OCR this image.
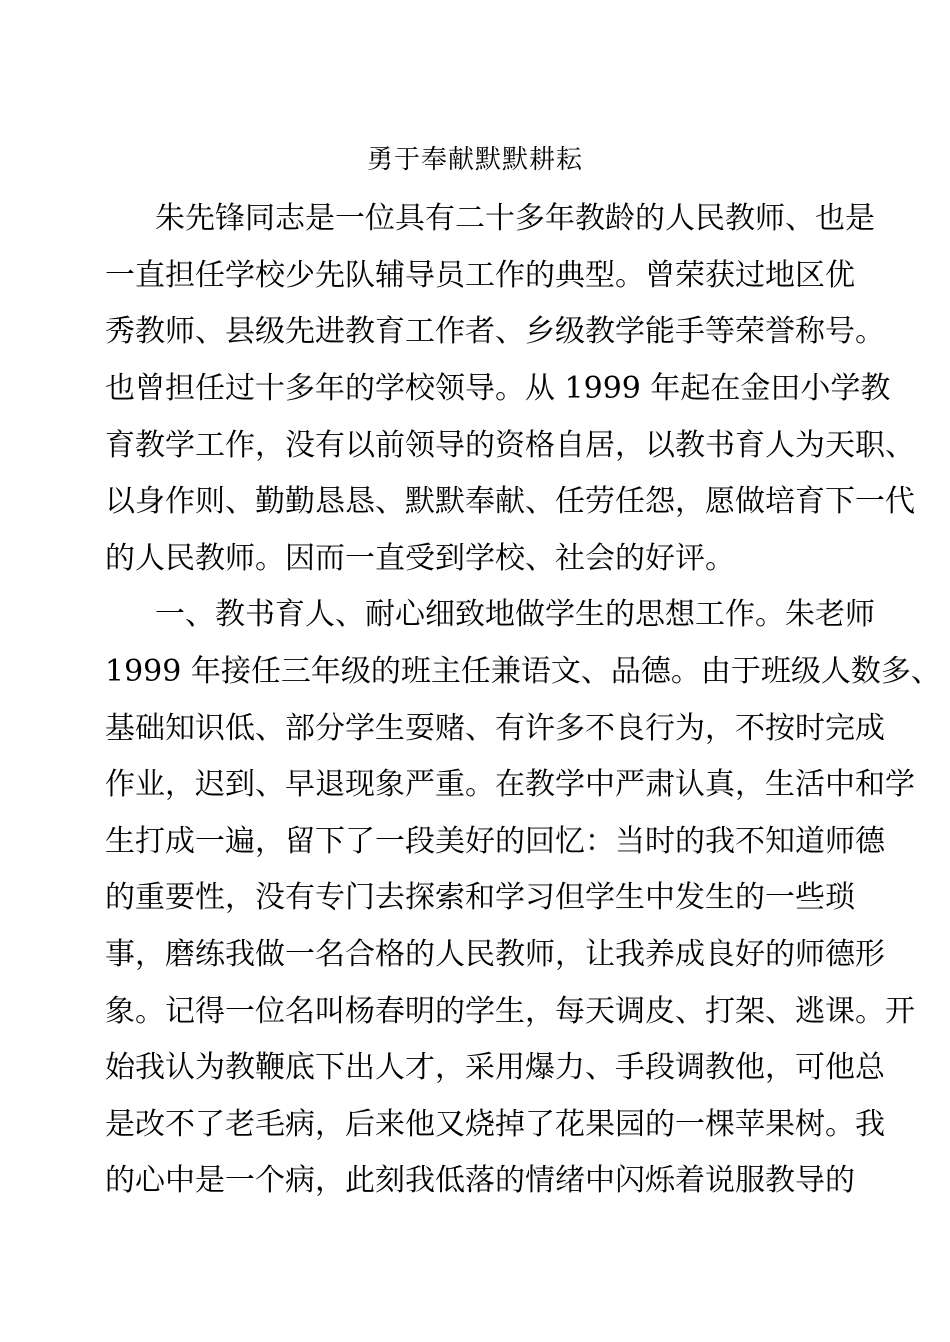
勇于奉献默默耕耘
朱先锋同志是一位具有二十多年教龄的人民教师、也是
一直担任学校少先队辅导员工作的典型。曾荣获过地区优
秀教师、县级先进教育工作者、乡级教学能手等荣誉称号。
也曾担任过十多年的学校领导。从 1999 年起在金田小学教
育教学工作，没有以前领导的资格自居，以教书育人为天职、
以身作则、勤勤恳恳、默默奉献、任劳任怨，愿做培育下一代
的人民教师。因而一直受到学校、社会的好评。
一、教书育人、耐心细致地做学生的思想工作。朱老师
1999 年接任三年级的班主任兼语文、品德。由于班级人数多、
基础知识低、部分学生耍赌、有许多不良行为，不按时完成
作业，迟到、早退现象严重。在教学中严肃认真，生活中和学
生打成一遍，留下了一段美好的回忆：当时的我不知道师德
的重要性，没有专门去探索和学习但学生中发生的一些琐
事，磨练我做一名合格的人民教师，让我养成良好的师德形
象。记得一位名叫杨春明的学生，每天调皮、打架、逃课。开
始我认为教鞭底下出人才，采用爆力、手段调教他，可他总
是改不了老毛病，后来他又烧掉了花果园的一棵苹果树。我
的心中是一个病，此刻我低落的情绪中闪烁着说服教导的
